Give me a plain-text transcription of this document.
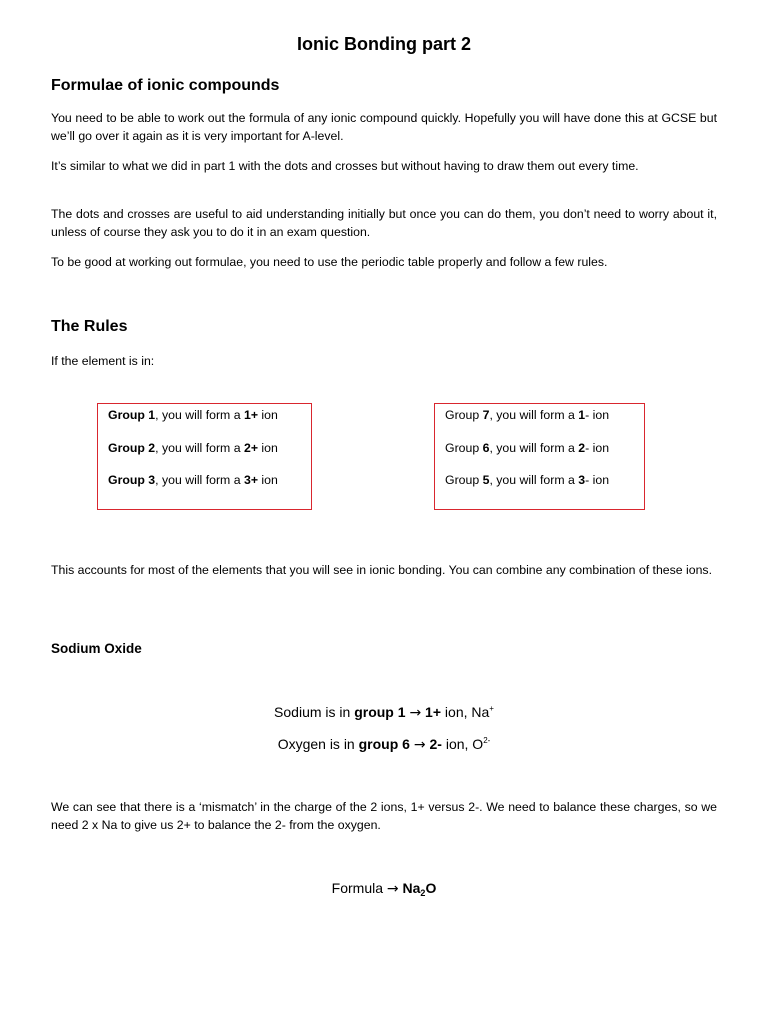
Ionic Bonding part 2
Formulae of ionic compounds
You need to be able to work out the formula of any ionic compound quickly. Hopefully you will have done this at GCSE but we’ll go over it again as it is very important for A-level.
It’s similar to what we did in part 1 with the dots and crosses but without having to draw them out every time.
The dots and crosses are useful to aid understanding initially but once you can do them, you don’t need to worry about it, unless of course they ask you to do it in an exam question.
To be good at working out formulae, you need to use the periodic table properly and follow a few rules.
The Rules
If the element is in:
Group 1, you will form a 1+ ion
Group 2, you will form a 2+ ion
Group 3, you will form a 3+ ion
Group 7, you will form a 1- ion
Group 6, you will form a 2- ion
Group 5, you will form a 3- ion
This accounts for most of the elements that you will see in ionic bonding. You can combine any combination of these ions.
Sodium Oxide
Sodium is in group 1 → 1+ ion, Na+
Oxygen is in group 6 → 2- ion, $O^{2-}$
We can see that there is a ‘mismatch’ in the charge of the 2 ions, 1+ versus 2-. We need to balance these charges, so we need 2 x Na to give us 2+ to balance the 2- from the oxygen.
Formula → $Na_2O$
